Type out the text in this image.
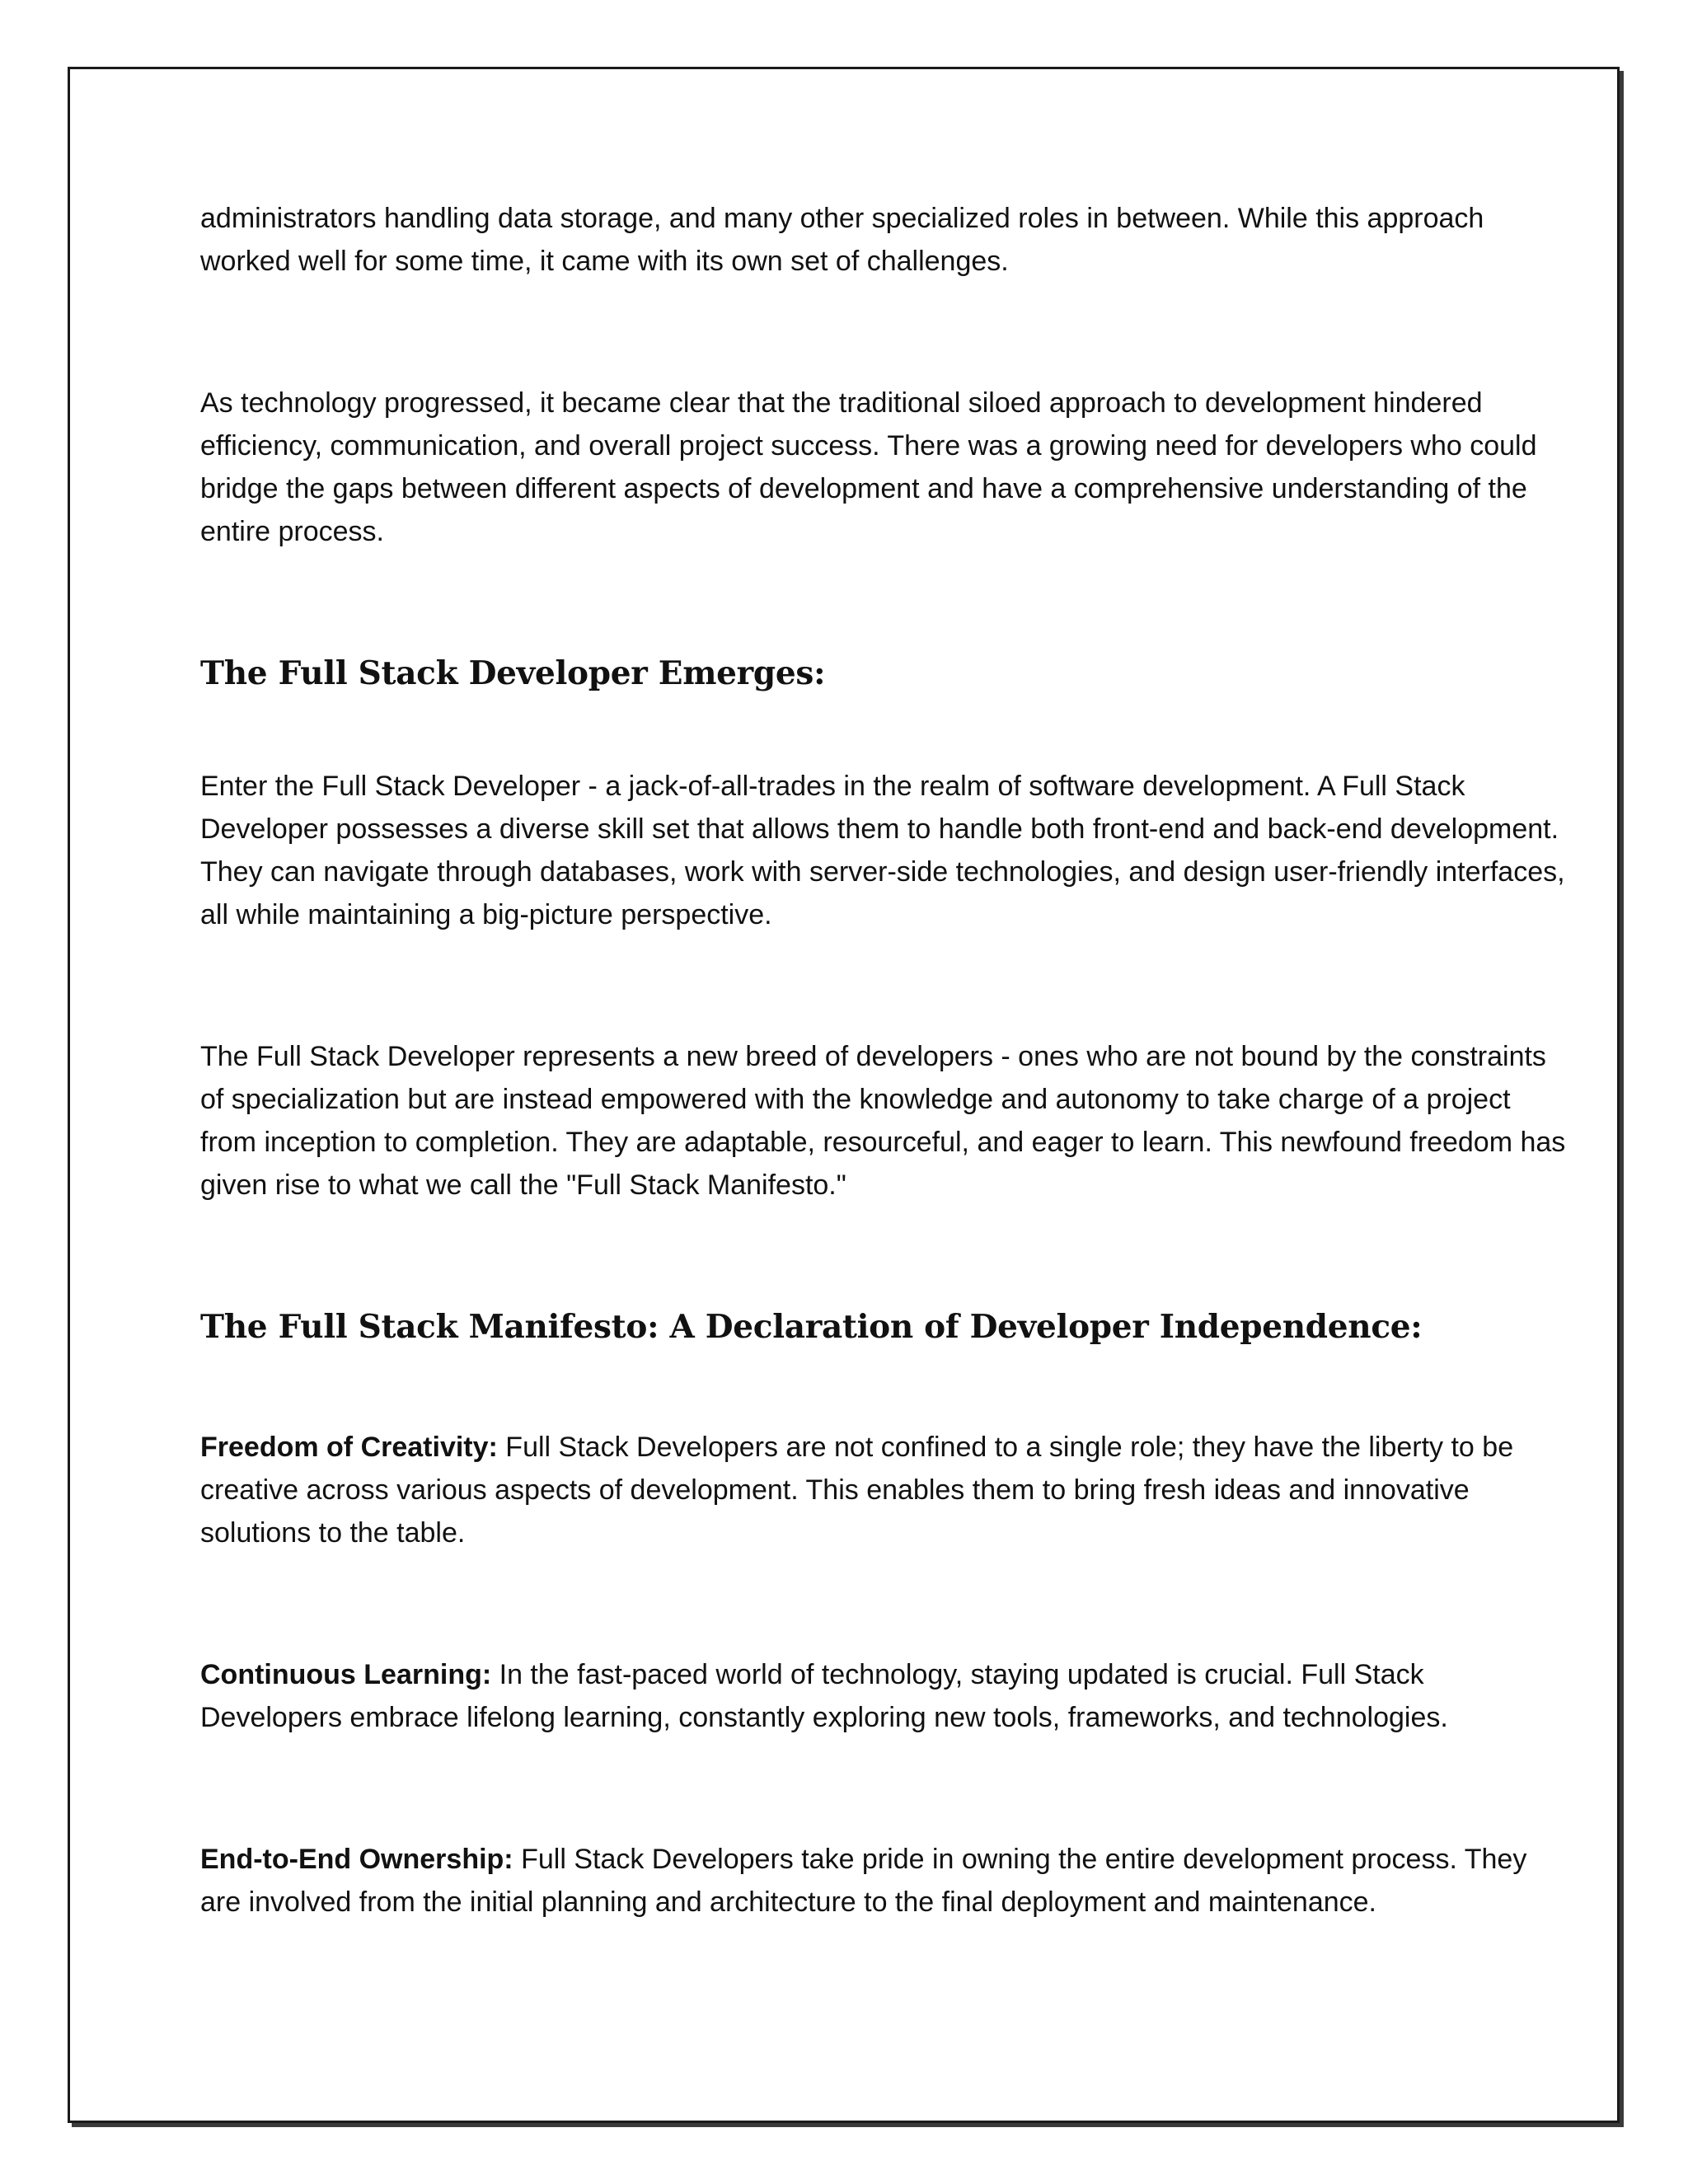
administrators handling data storage, and many other specialized roles in between. While this approach worked well for some time, it came with its own set of challenges.

As technology progressed, it became clear that the traditional siloed approach to development hindered efficiency, communication, and overall project success. There was a growing need for developers who could bridge the gaps between different aspects of development and have a comprehensive understanding of the entire process.

The Full Stack Developer Emerges:

Enter the Full Stack Developer - a jack-of-all-trades in the realm of software development. A Full Stack Developer possesses a diverse skill set that allows them to handle both front-end and back-end development. They can navigate through databases, work with server-side technologies, and design user-friendly interfaces, all while maintaining a big-picture perspective.

The Full Stack Developer represents a new breed of developers - ones who are not bound by the constraints of specialization but are instead empowered with the knowledge and autonomy to take charge of a project from inception to completion. They are adaptable, resourceful, and eager to learn. This newfound freedom has given rise to what we call the "Full Stack Manifesto."

The Full Stack Manifesto: A Declaration of Developer Independence:

Freedom of Creativity: Full Stack Developers are not confined to a single role; they have the liberty to be creative across various aspects of development. This enables them to bring fresh ideas and innovative solutions to the table.

Continuous Learning: In the fast-paced world of technology, staying updated is crucial. Full Stack Developers embrace lifelong learning, constantly exploring new tools, frameworks, and technologies.

End-to-End Ownership: Full Stack Developers take pride in owning the entire development process. They are involved from the initial planning and architecture to the final deployment and maintenance.
